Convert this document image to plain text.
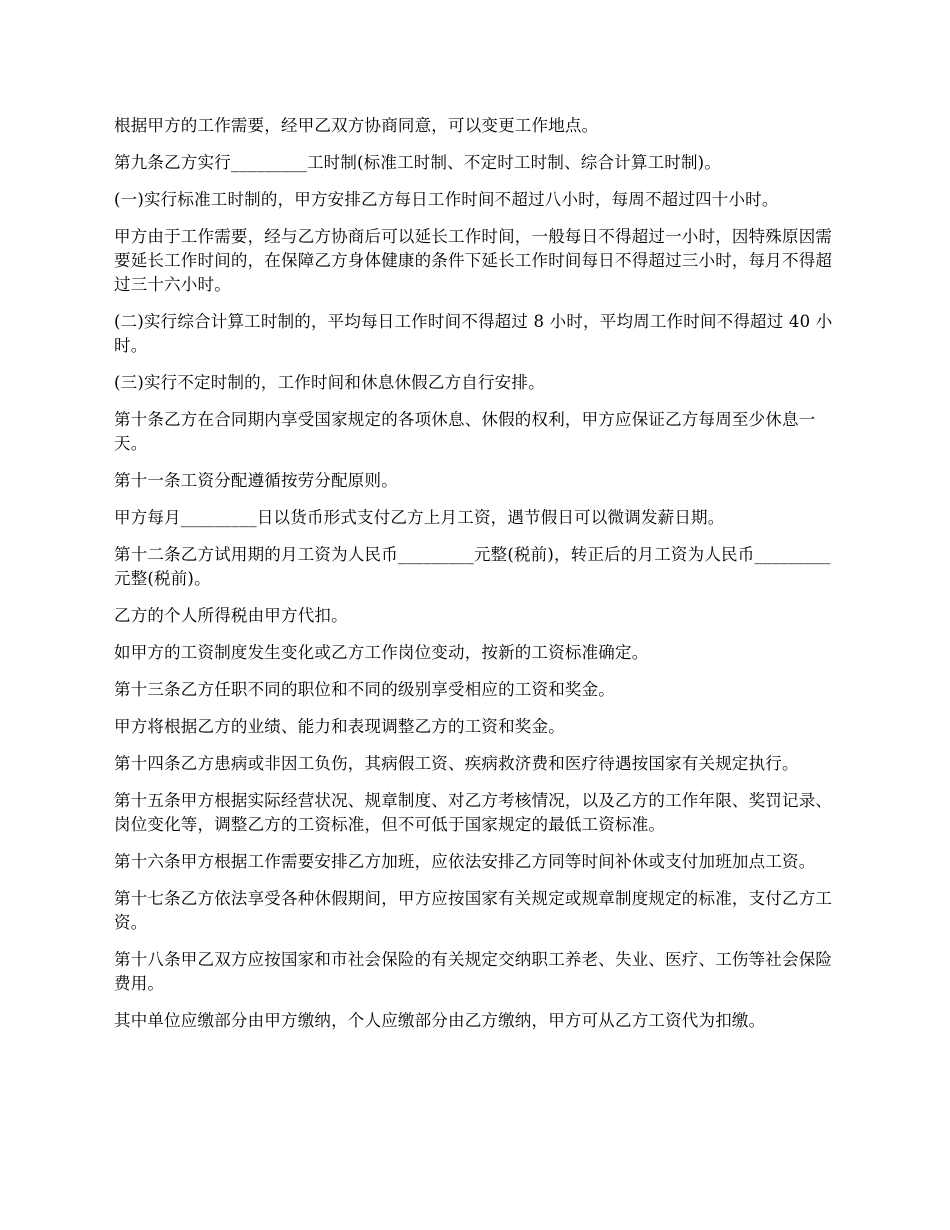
根据甲方的工作需要，经甲乙双方协商同意，可以变更工作地点。

第九条乙方实行_________工时制(标准工时制、不定时工时制、综合计算工时制)。

(一)实行标准工时制的，甲方安排乙方每日工作时间不超过八小时，每周不超过四十小时。

甲方由于工作需要，经与乙方协商后可以延长工作时间，一般每日不得超过一小时，因特殊原因需要延长工作时间的，在保障乙方身体健康的条件下延长工作时间每日不得超过三小时，每月不得超过三十六小时。

(二)实行综合计算工时制的，平均每日工作时间不得超过 8 小时，平均周工作时间不得超过 40 小时。

(三)实行不定时制的，工作时间和休息休假乙方自行安排。

第十条乙方在合同期内享受国家规定的各项休息、休假的权利，甲方应保证乙方每周至少休息一天。

第十一条工资分配遵循按劳分配原则。

甲方每月_________日以货币形式支付乙方上月工资，遇节假日可以微调发薪日期。

第十二条乙方试用期的月工资为人民币_________元整(税前)，转正后的月工资为人民币_________元整(税前)。

乙方的个人所得税由甲方代扣。

如甲方的工资制度发生变化或乙方工作岗位变动，按新的工资标准确定。

第十三条乙方任职不同的职位和不同的级别享受相应的工资和奖金。

甲方将根据乙方的业绩、能力和表现调整乙方的工资和奖金。

第十四条乙方患病或非因工负伤，其病假工资、疾病救济费和医疗待遇按国家有关规定执行。

第十五条甲方根据实际经营状况、规章制度、对乙方考核情况，以及乙方的工作年限、奖罚记录、岗位变化等，调整乙方的工资标准，但不可低于国家规定的最低工资标准。

第十六条甲方根据工作需要安排乙方加班，应依法安排乙方同等时间补休或支付加班加点工资。

第十七条乙方依法享受各种休假期间，甲方应按国家有关规定或规章制度规定的标准，支付乙方工资。

第十八条甲乙双方应按国家和市社会保险的有关规定交纳职工养老、失业、医疗、工伤等社会保险费用。

其中单位应缴部分由甲方缴纳，个人应缴部分由乙方缴纳，甲方可从乙方工资代为扣缴。
